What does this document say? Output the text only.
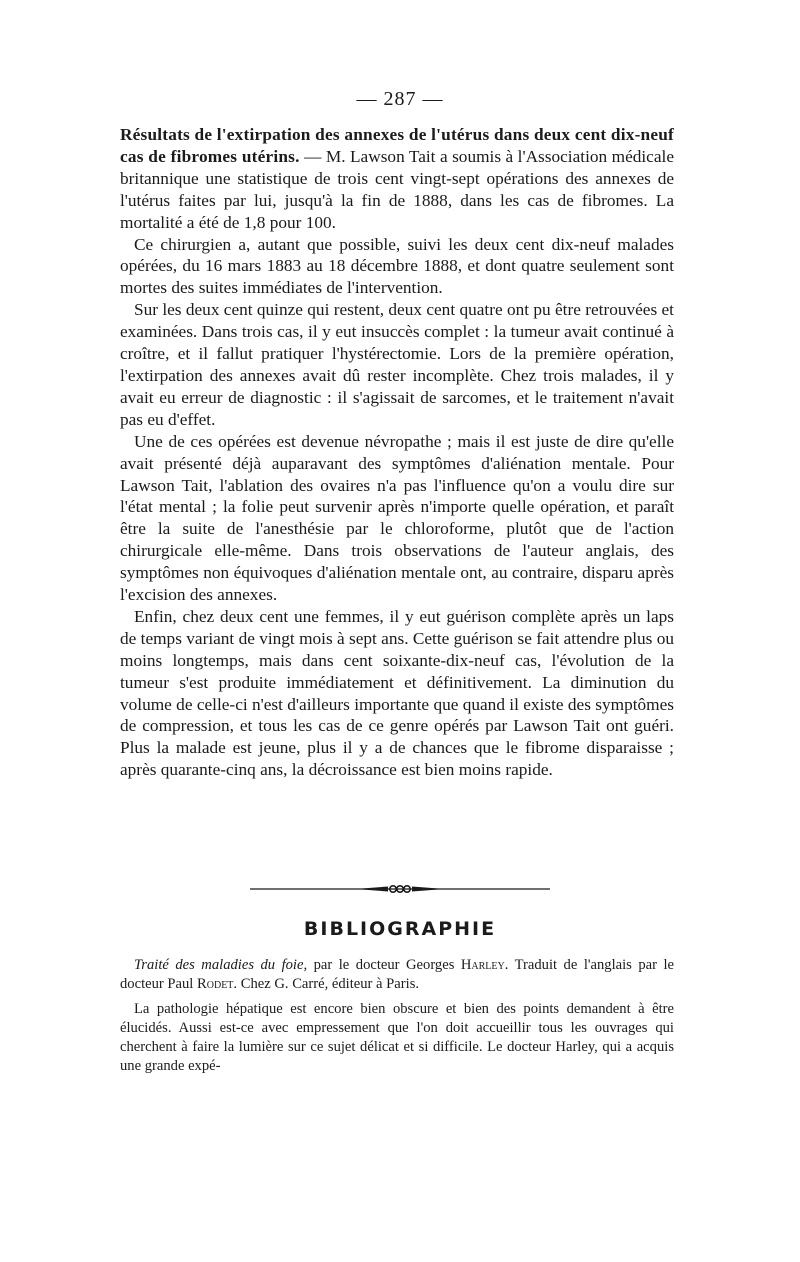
— 287 —

Résultats de l'extirpation des annexes de l'utérus dans deux cent dix-neuf cas de fibromes utérins. — M. Lawson Tait a soumis à l'Association médicale britannique une statistique de trois cent vingt-sept opérations des annexes de l'utérus faites par lui, jusqu'à la fin de 1888, dans les cas de fibromes. La mortalité a été de 1,8 pour 100.

Ce chirurgien a, autant que possible, suivi les deux cent dix-neuf malades opérées, du 16 mars 1883 au 18 décembre 1888, et dont quatre seulement sont mortes des suites immédiates de l'intervention.

Sur les deux cent quinze qui restent, deux cent quatre ont pu être retrouvées et examinées. Dans trois cas, il y eut insuccès complet : la tumeur avait continué à croître, et il fallut pratiquer l'hystérectomie. Lors de la première opération, l'extirpation des annexes avait dû rester incomplète. Chez trois malades, il y avait eu erreur de diagnostic : il s'agissait de sarcomes, et le traitement n'avait pas eu d'effet.

Une de ces opérées est devenue névropathe ; mais il est juste de dire qu'elle avait présenté déjà auparavant des symptômes d'aliénation mentale. Pour Lawson Tait, l'ablation des ovaires n'a pas l'influence qu'on a voulu dire sur l'état mental ; la folie peut survenir après n'importe quelle opération, et paraît être la suite de l'anesthésie par le chloroforme, plutôt que de l'action chirurgicale elle-même. Dans trois observations de l'auteur anglais, des symptômes non équivoques d'aliénation mentale ont, au contraire, disparu après l'excision des annexes.

Enfin, chez deux cent une femmes, il y eut guérison complète après un laps de temps variant de vingt mois à sept ans. Cette guérison se fait attendre plus ou moins longtemps, mais dans cent soixante-dix-neuf cas, l'évolution de la tumeur s'est produite immédiatement et définitivement. La diminution du volume de celle-ci n'est d'ailleurs importante que quand il existe des symptômes de compression, et tous les cas de ce genre opérés par Lawson Tait ont guéri. Plus la malade est jeune, plus il y a de chances que le fibrome disparaisse ; après quarante-cinq ans, la décroissance est bien moins rapide.

BIBLIOGRAPHIE

Traité des maladies du foie, par le docteur Georges Harley. Traduit de l'anglais par le docteur Paul Rodet. Chez G. Carré, éditeur à Paris.

La pathologie hépatique est encore bien obscure et bien des points demandent à être élucidés. Aussi est-ce avec empressement que l'on doit accueillir tous les ouvrages qui cherchent à faire la lumière sur ce sujet délicat et si difficile. Le docteur Harley, qui a acquis une grande expé-
